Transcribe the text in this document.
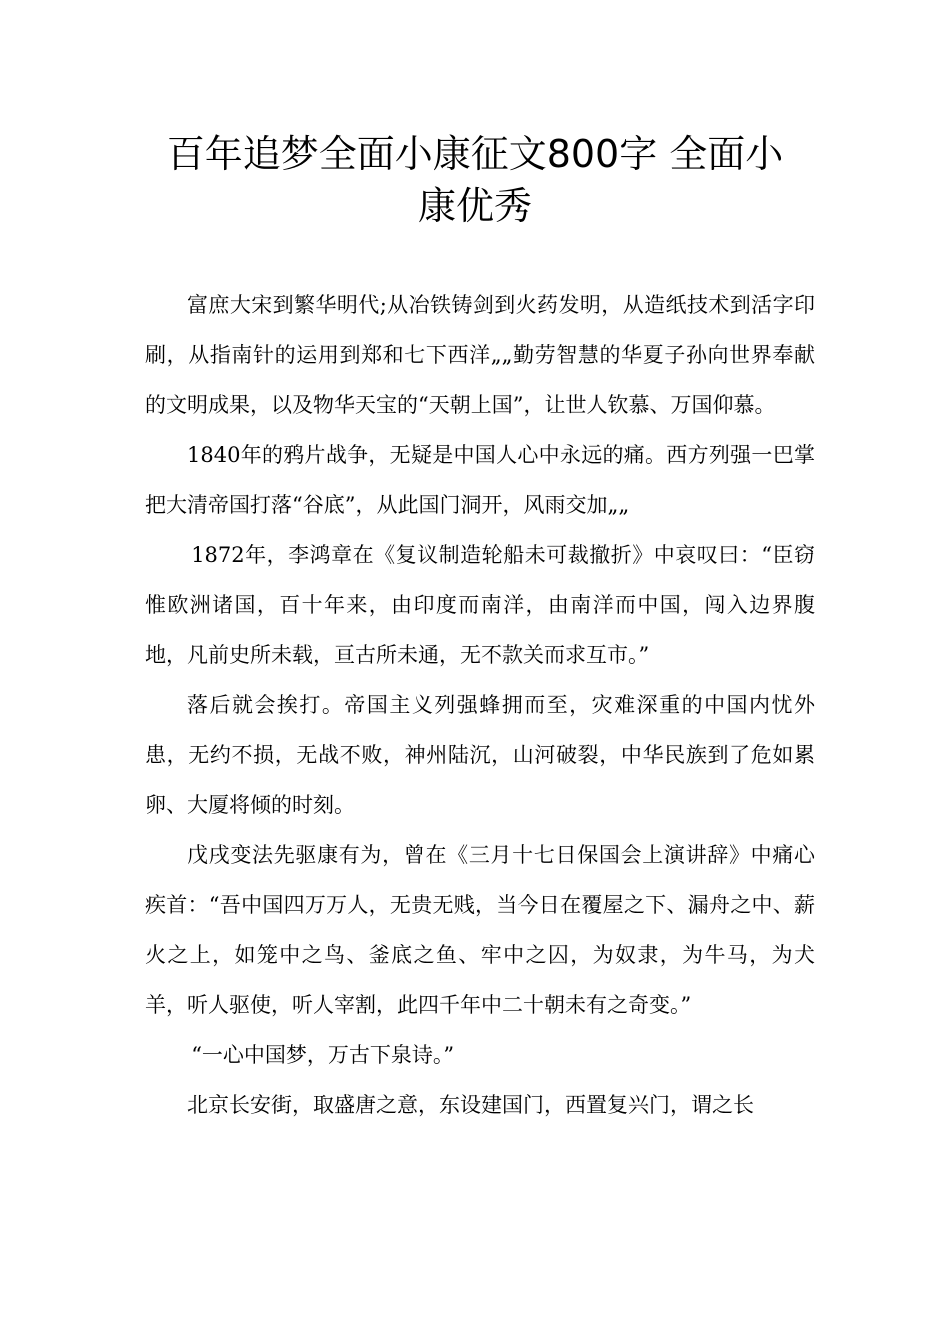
百年追梦全面小康征文800字 全面小
康优秀

富庶大宋到繁华明代;从冶铁铸剑到火药发明，从造纸技术到活字印刷，从指南针的运用到郑和七下西洋„„勤劳智慧的华夏子孙向世界奉献的文明成果，以及物华天宝的“天朝上国”，让世人钦慕、万国仰慕。

1840年的鸦片战争，无疑是中国人心中永远的痛。西方列强一巴掌把大清帝国打落“谷底”，从此国门洞开，风雨交加„„

1872年，李鸿章在《复议制造轮船未可裁撤折》中哀叹曰：“臣窃惟欧洲诸国，百十年来，由印度而南洋，由南洋而中国，闯入边界腹地，凡前史所未载，亘古所未通，无不款关而求互市。”

落后就会挨打。帝国主义列强蜂拥而至，灾难深重的中国内忧外患，无约不损，无战不败，神州陆沉，山河破裂，中华民族到了危如累卵、大厦将倾的时刻。

戊戌变法先驱康有为，曾在《三月十七日保国会上演讲辞》中痛心疾首：“吾中国四万万人，无贵无贱，当今日在覆屋之下、漏舟之中、薪火之上，如笼中之鸟、釜底之鱼、牢中之囚，为奴隶，为牛马，为犬羊，听人驱使，听人宰割，此四千年中二十朝未有之奇变。”

“一心中国梦，万古下泉诗。”

北京长安街，取盛唐之意，东设建国门，西置复兴门，谓之长
